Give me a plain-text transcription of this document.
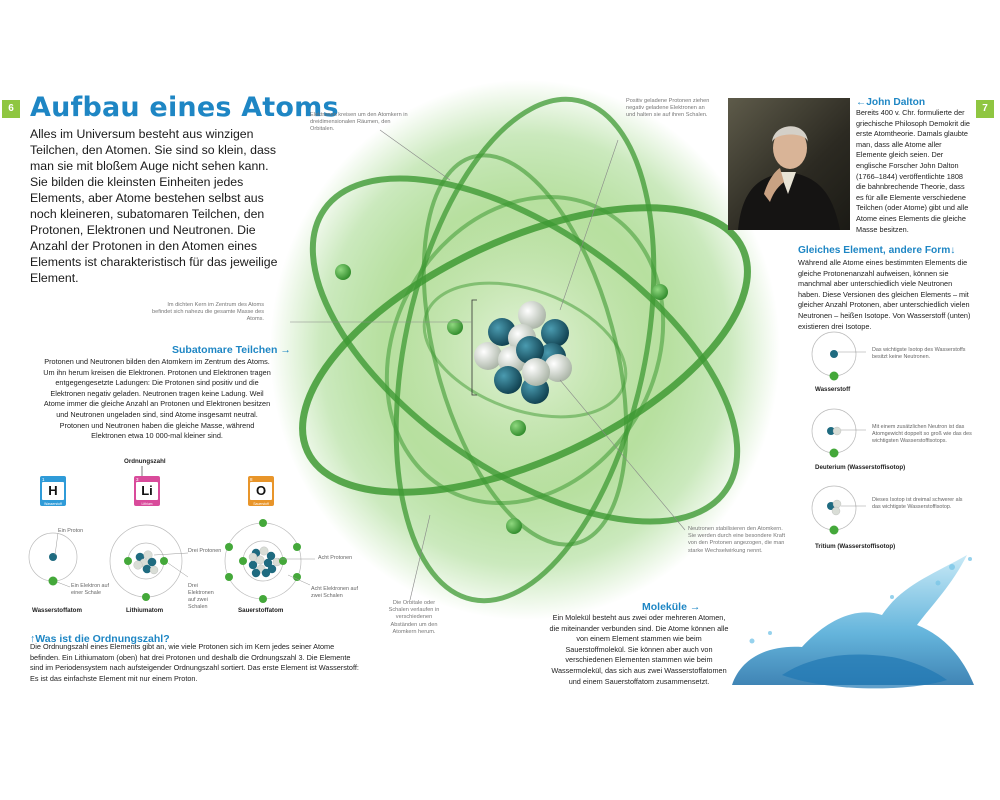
6	7
Aufbau eines Atoms
Alles im Universum besteht aus winzigen Teilchen, den Atomen. Sie sind so klein, dass man sie mit bloßem Auge nicht sehen kann. Sie bilden die kleinsten Einheiten jedes Elements, aber Atome bestehen selbst aus noch kleineren, subatomaren Teilchen, den Protonen, Elektronen und Neutronen. Die Anzahl der Protonen in den Atomen eines Elements ist charakteristisch für das jeweilige Element.
Elektronen kreisen um den Atomkern in dreidimensionalen Räumen, den Orbitalen.
Positiv geladene Protonen ziehen negativ geladene Elektronen an und halten sie auf ihren Schalen.
Im dichten Kern im Zentrum des Atoms befindet sich nahezu die gesamte Masse des Atoms.
Neutronen stabilisieren den Atomkern. Sie werden durch eine besondere Kraft von den Protonen angezogen, die man starke Wechselwirkung nennt.
Die Orbitale oder Schalen verlaufen in verschiedenen Abständen um den Atomkern herum.
Subatomare Teilchen →
Protonen und Neutronen bilden den Atomkern im Zentrum des Atoms. Um ihn herum kreisen die Elektronen. Protonen und Elektronen tragen entgegengesetzte Ladungen: Die Protonen sind positiv und die Elektronen negativ geladen. Neutronen tragen keine Ladung. Weil Atome immer die gleiche Anzahl an Protonen und Elektronen besitzen und Neutronen ungeladen sind, sind Atome insgesamt neutral. Protonen und Neutronen haben die gleiche Masse, während Elektronen etwa 10 000-mal kleiner sind.
Ordnungszahl
1
H
Wasserstoff
3
Li
Lithium
8
O
Sauerstoff
Ein Proton
Ein Elektron auf einer Schale
Wasserstoffatom
Drei Protonen
Drei Elektronen auf zwei Schalen
Lithiumatom
Acht Protonen
Acht Elektronen auf zwei Schalen
Sauerstoffatom
↑Was ist die Ordnungszahl?
Die Ordnungszahl eines Elements gibt an, wie viele Protonen sich im Kern jedes seiner Atome befinden. Ein Lithiumatom (oben) hat drei Protonen und deshalb die Ordnungszahl 3. Die Elemente sind im Periodensystem nach aufsteigender Ordnungszahl sortiert. Das erste Element ist Wasserstoff: Es ist das einfachste Element mit nur einem Proton.
←John Dalton
Bereits 400 v. Chr. formulierte der griechische Philosoph Demokrit die erste Atomtheorie. Damals glaubte man, dass alle Atome aller Elemente gleich seien. Der englische Forscher John Dalton (1766–1844) veröffentlichte 1808 die bahnbrechende Theorie, dass es für alle Elemente verschiedene Teilchen (oder Atome) gibt und alle Atome eines Elements die gleiche Masse besitzen.
Gleiches Element, andere Form↓
Während alle Atome eines bestimmten Elements die gleiche Protonenanzahl aufweisen, können sie manchmal aber unterschiedlich viele Neutronen haben. Diese Versionen des gleichen Elements – mit gleicher Anzahl Protonen, aber unterschiedlich vielen Neutronen – heißen Isotope. Von Wasserstoff (unten) existieren drei Isotope.
Wasserstoff
Das wichtigste Isotop des Wasserstoffs besitzt keine Neutronen.
Deuterium (Wasserstoffisotop)
Mit einem zusätzlichen Neutron ist das Atomgewicht doppelt so groß wie das des wichtigsten Wasserstoffisotops.
Tritium (Wasserstoffisotop)
Dieses Isotop ist dreimal schwerer als das wichtigste Wasserstoffisotop.
Moleküle →
Ein Molekül besteht aus zwei oder mehreren Atomen, die miteinander verbunden sind. Die Atome können alle von einem Element stammen wie beim Sauerstoffmolekül. Sie können aber auch von verschiedenen Elementen stammen wie beim Wassermolekül, das sich aus zwei Wasserstoffatomen und einem Sauerstoffatom zusammensetzt.
